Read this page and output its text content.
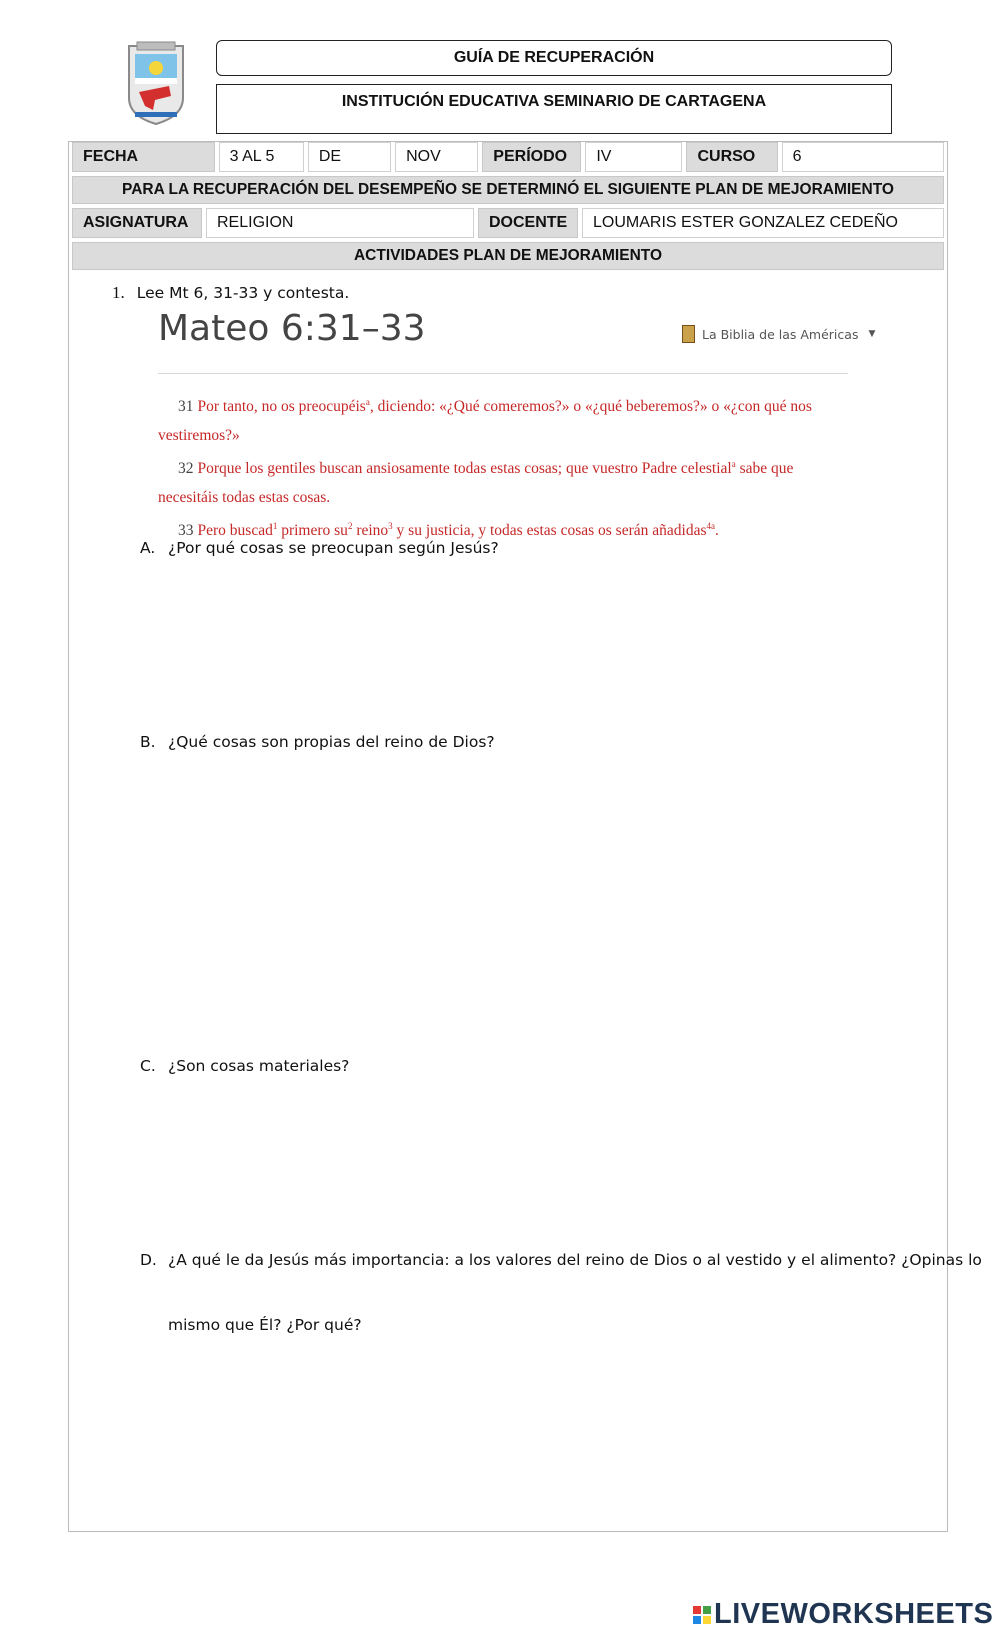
GUÍA DE RECUPERACIÓN
INSTITUCIÓN EDUCATIVA SEMINARIO DE CARTAGENA
FECHA	3 AL 5	DE	NOV	PERÍODO	IV	CURSO	6
PARA LA RECUPERACIÓN DEL DESEMPEÑO SE DETERMINÓ EL SIGUIENTE PLAN DE MEJORAMIENTO
ASIGNATURA	RELIGION	DOCENTE	LOUMARIS ESTER GONZALEZ CEDEÑO
ACTIVIDADES PLAN DE MEJORAMIENTO
1. Lee Mt 6, 31-33 y contesta.
Mateo 6:31–33	La Biblia de las Américas ▼

31 Por tanto, no os preocupéis$^a$, diciendo: «¿Qué comeremos?» o «¿qué beberemos?» o «¿con qué nos vestiremos?»

32 Porque los gentiles buscan ansiosamente todas estas cosas; que vuestro Padre celestial$^a$ sabe que necesitáis todas estas cosas.

33 Pero buscad$^1$ primero $su^2$ reino$^3$ y su justicia, y todas estas cosas os serán añadidas$^{4a}$.

A. ¿Por qué cosas se preocupan según Jesús?
B. ¿Qué cosas son propias del reino de Dios?
C. ¿Son cosas materiales?
D. ¿A qué le da Jesús más importancia: a los valores del reino de Dios o al vestido y el alimento? ¿Opinas lo
mismo que Él? ¿Por qué?
LIVEWORKSHEETS
